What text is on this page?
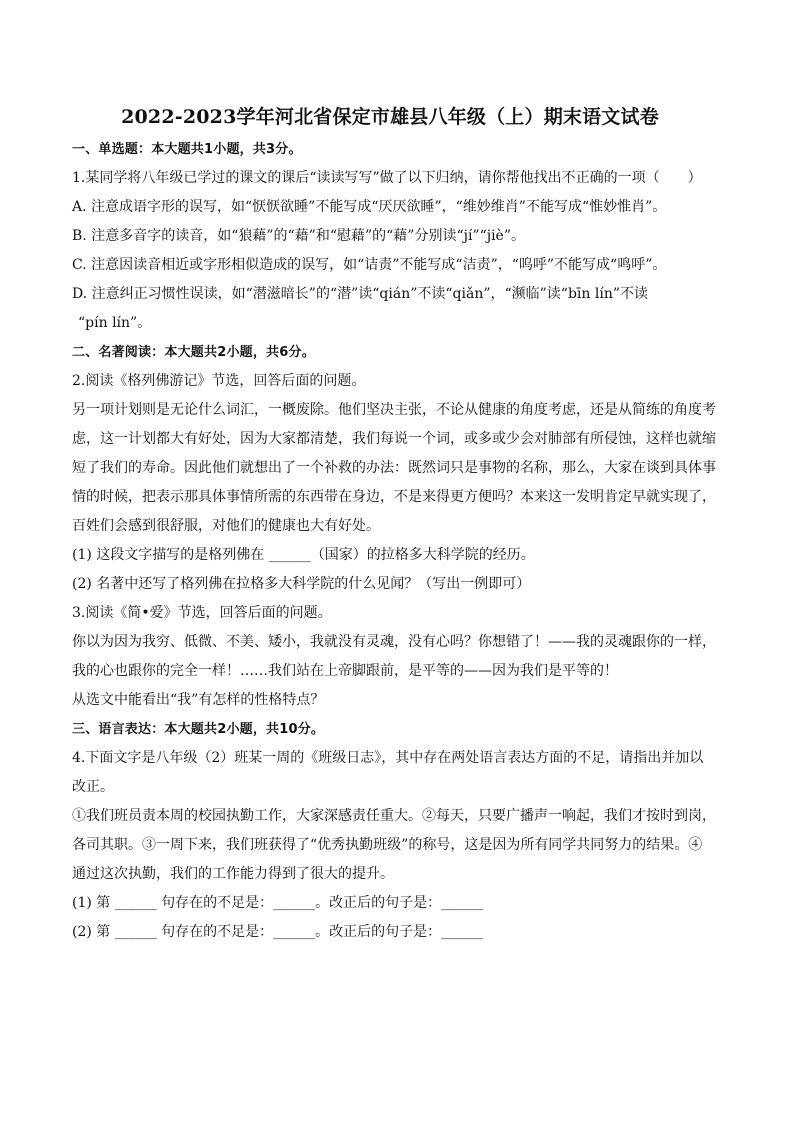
2022-2023学年河北省保定市雄县八年级（上）期末语文试卷

一、单选题：本大题共1小题，共3分。

1.某同学将八年级已学过的课文的课后“读读写写”做了以下归纳，请你帮他找出不正确的一项（　　）

A. 注意成语字形的误写，如“恹恹欲睡”不能写成“厌厌欲睡”，“维妙维肖”不能写成“惟妙惟肖”。

B. 注意多音字的读音，如“狼藉”的“藉”和“慰藉”的“藉”分别读“jí”“jiè”。

C. 注意因读音相近或字形相似造成的误写，如“诘责”不能写成“洁责”，“呜呼”不能写成“鸣呼”。

D. 注意纠正习惯性误读，如“潜滋暗长”的“潜”读“qián”不读“qiǎn”，“濒临”读“bīn lín”不读

“pín lín”。

二、名著阅读：本大题共2小题，共6分。

2.阅读《格列佛游记》节选，回答后面的问题。

另一项计划则是无论什么词汇，一概废除。他们坚决主张，不论从健康的角度考虑，还是从简练的角度考

虑，这一计划都大有好处，因为大家都清楚，我们每说一个词，或多或少会对肺部有所侵蚀，这样也就缩

短了我们的寿命。因此他们就想出了一个补救的办法：既然词只是事物的名称，那么，大家在谈到具体事

情的时候，把表示那具体事情所需的东西带在身边，不是来得更方便吗？本来这一发明肯定早就实现了，

百姓们会感到很舒服，对他们的健康也大有好处。

(1) 这段文字描写的是格列佛在 ______（国家）的拉格多大科学院的经历。

(2) 名著中还写了格列佛在拉格多大科学院的什么见闻？（写出一例即可）

3.阅读《简•爱》节选，回答后面的问题。

你以为因为我穷、低微、不美、矮小，我就没有灵魂，没有心吗？你想错了！——我的灵魂跟你的一样，

我的心也跟你的完全一样！……我们站在上帝脚跟前，是平等的——因为我们是平等的！

从选文中能看出“我”有怎样的性格特点？

三、语言表达：本大题共2小题，共10分。

4.下面文字是八年级（2）班某一周的《班级日志》，其中存在两处语言表达方面的不足，请指出并加以

改正。

①我们班员责本周的校园执勤工作，大家深感责任重大。②每天，只要广播声一响起，我们才按时到岗，

各司其职。③一周下来，我们班获得了“优秀执勤班级”的称号，这是因为所有同学共同努力的结果。④

通过这次执勤，我们的工作能力得到了很大的提升。

(1) 第 ______ 句存在的不足是：______。改正后的句子是：______

(2) 第 ______ 句存在的不足是：______。改正后的句子是：______
